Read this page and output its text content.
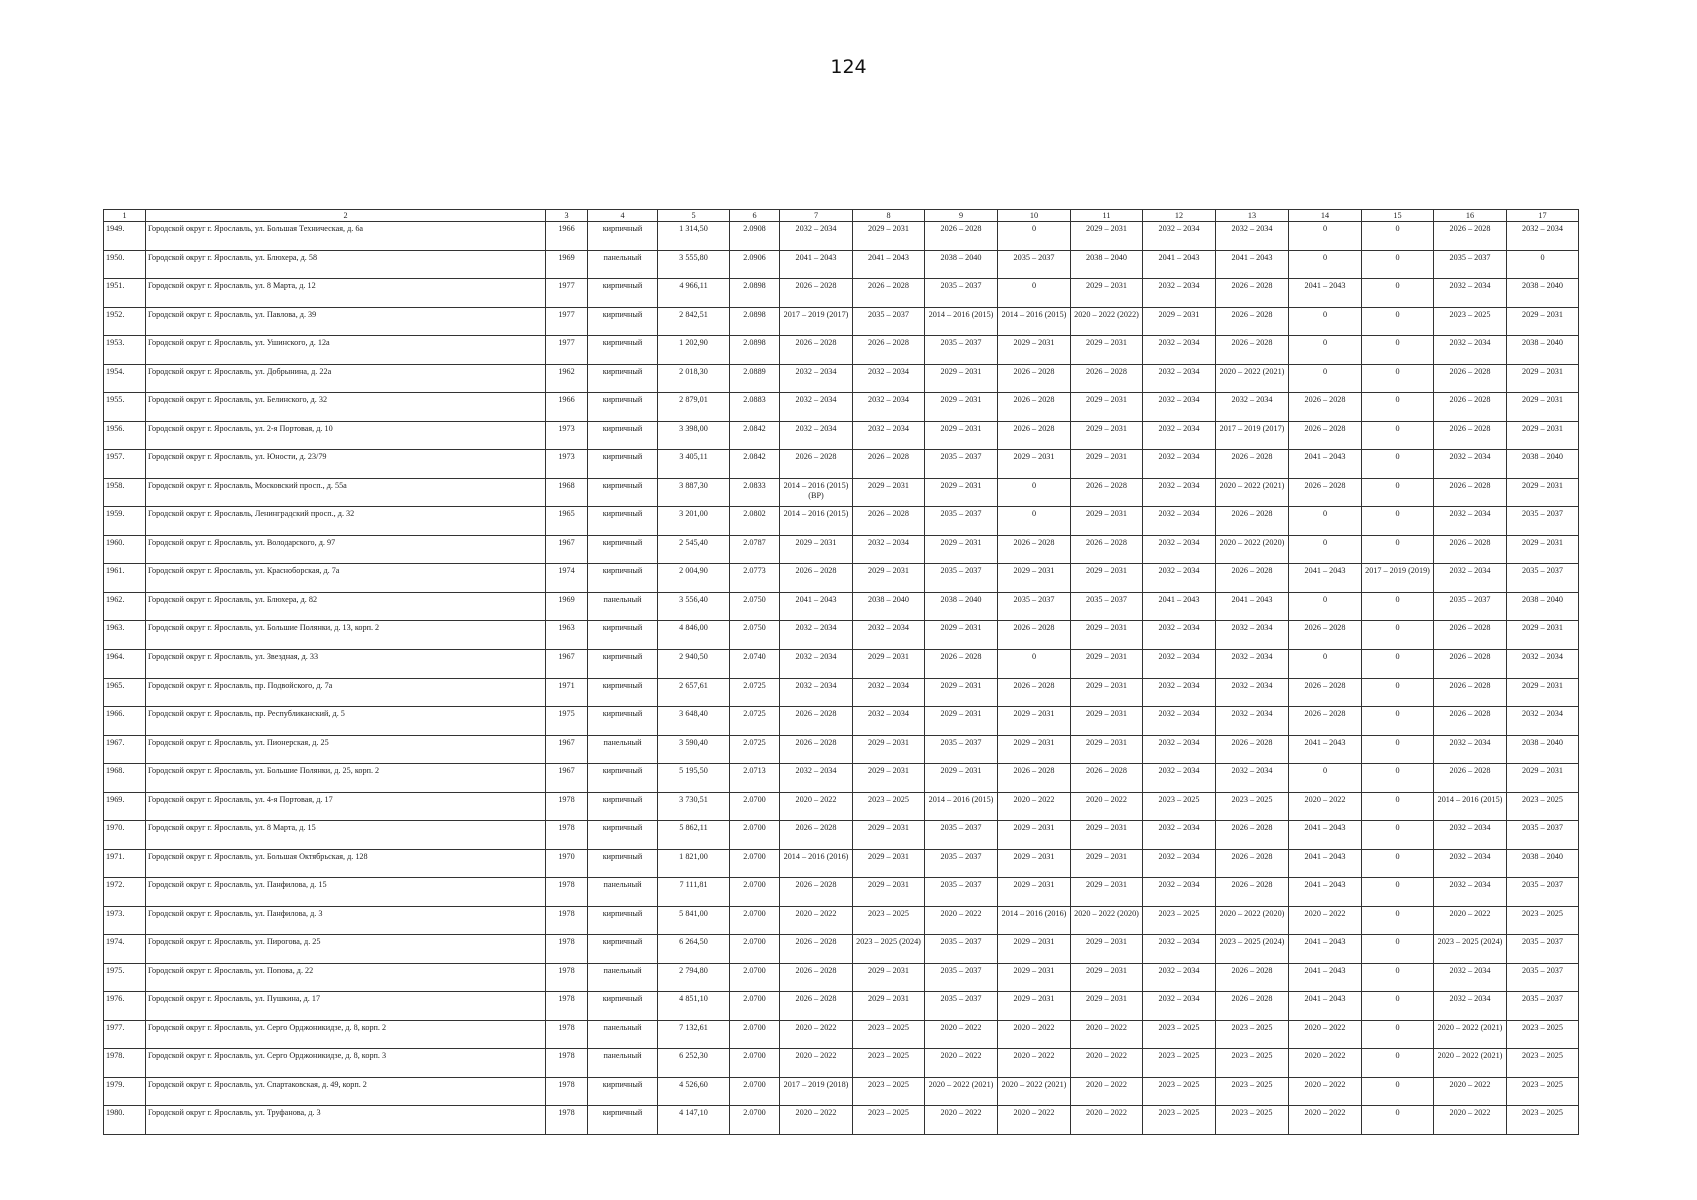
124
1	2	3	4	5	6	7	8	9	10	11	12	13	14	15	16	17
1949.	Городской округ г. Ярославль, ул. Большая Техническая, д. 6а	1966	кирпичный	1 314,50	2.0908	2032 – 2034	2029 – 2031	2026 – 2028	0	2029 – 2031	2032 – 2034	2032 – 2034	0	0	2026 – 2028	2032 – 2034
1950.	Городской округ г. Ярославль, ул. Блюхера, д. 58	1969	панельный	3 555,80	2.0906	2041 – 2043	2041 – 2043	2038 – 2040	2035 – 2037	2038 – 2040	2041 – 2043	2041 – 2043	0	0	2035 – 2037	0
1951.	Городской округ г. Ярославль, ул. 8 Марта, д. 12	1977	кирпичный	4 966,11	2.0898	2026 – 2028	2026 – 2028	2035 – 2037	0	2029 – 2031	2032 – 2034	2026 – 2028	2041 – 2043	0	2032 – 2034	2038 – 2040
1952.	Городской округ г. Ярославль, ул. Павлова, д. 39	1977	кирпичный	2 842,51	2.0898	2017 – 2019 (2017)	2035 – 2037	2014 – 2016 (2015)	2014 – 2016 (2015)	2020 – 2022 (2022)	2029 – 2031	2026 – 2028	0	0	2023 – 2025	2029 – 2031
1953.	Городской округ г. Ярославль, ул. Ушинского, д. 12а	1977	кирпичный	1 202,90	2.0898	2026 – 2028	2026 – 2028	2035 – 2037	2029 – 2031	2029 – 2031	2032 – 2034	2026 – 2028	0	0	2032 – 2034	2038 – 2040
1954.	Городской округ г. Ярославль, ул. Добрынина, д. 22а	1962	кирпичный	2 018,30	2.0889	2032 – 2034	2032 – 2034	2029 – 2031	2026 – 2028	2026 – 2028	2032 – 2034	2020 – 2022 (2021)	0	0	2026 – 2028	2029 – 2031
1955.	Городской округ г. Ярославль, ул. Белинского, д. 32	1966	кирпичный	2 879,01	2.0883	2032 – 2034	2032 – 2034	2029 – 2031	2026 – 2028	2029 – 2031	2032 – 2034	2032 – 2034	2026 – 2028	0	2026 – 2028	2029 – 2031
1956.	Городской округ г. Ярославль, ул. 2-я Портовая, д. 10	1973	кирпичный	3 398,00	2.0842	2032 – 2034	2032 – 2034	2029 – 2031	2026 – 2028	2029 – 2031	2032 – 2034	2017 – 2019 (2017)	2026 – 2028	0	2026 – 2028	2029 – 2031
1957.	Городской округ г. Ярославль, ул. Юности, д. 23/79	1973	кирпичный	3 405,11	2.0842	2026 – 2028	2026 – 2028	2035 – 2037	2029 – 2031	2029 – 2031	2032 – 2034	2026 – 2028	2041 – 2043	0	2032 – 2034	2038 – 2040
1958.	Городской округ г. Ярославль, Московский просп., д. 55а	1968	кирпичный	3 887,30	2.0833	2014 – 2016 (2015) (ВР)	2029 – 2031	2029 – 2031	0	2026 – 2028	2032 – 2034	2020 – 2022 (2021)	2026 – 2028	0	2026 – 2028	2029 – 2031
1959.	Городской округ г. Ярославль, Ленинградский просп., д. 32	1965	кирпичный	3 201,00	2.0802	2014 – 2016 (2015)	2026 – 2028	2035 – 2037	0	2029 – 2031	2032 – 2034	2026 – 2028	0	0	2032 – 2034	2035 – 2037
1960.	Городской округ г. Ярославль, ул. Володарского, д. 97	1967	кирпичный	2 545,40	2.0787	2029 – 2031	2032 – 2034	2029 – 2031	2026 – 2028	2026 – 2028	2032 – 2034	2020 – 2022 (2020)	0	0	2026 – 2028	2029 – 2031
1961.	Городской округ г. Ярославль, ул. Красноборская, д. 7а	1974	кирпичный	2 004,90	2.0773	2026 – 2028	2029 – 2031	2035 – 2037	2029 – 2031	2029 – 2031	2032 – 2034	2026 – 2028	2041 – 2043	2017 – 2019 (2019)	2032 – 2034	2035 – 2037
1962.	Городской округ г. Ярославль, ул. Блюхера, д. 82	1969	панельный	3 556,40	2.0750	2041 – 2043	2038 – 2040	2038 – 2040	2035 – 2037	2035 – 2037	2041 – 2043	2041 – 2043	0	0	2035 – 2037	2038 – 2040
1963.	Городской округ г. Ярославль, ул. Большие Полянки, д. 13, корп. 2	1963	кирпичный	4 846,00	2.0750	2032 – 2034	2032 – 2034	2029 – 2031	2026 – 2028	2029 – 2031	2032 – 2034	2032 – 2034	2026 – 2028	0	2026 – 2028	2029 – 2031
1964.	Городской округ г. Ярославль, ул. Звездная, д. 33	1967	кирпичный	2 940,50	2.0740	2032 – 2034	2029 – 2031	2026 – 2028	0	2029 – 2031	2032 – 2034	2032 – 2034	0	0	2026 – 2028	2032 – 2034
1965.	Городской округ г. Ярославль, пр. Подвойского, д. 7а	1971	кирпичный	2 657,61	2.0725	2032 – 2034	2032 – 2034	2029 – 2031	2026 – 2028	2029 – 2031	2032 – 2034	2032 – 2034	2026 – 2028	0	2026 – 2028	2029 – 2031
1966.	Городской округ г. Ярославль, пр. Республиканский, д. 5	1975	кирпичный	3 648,40	2.0725	2026 – 2028	2032 – 2034	2029 – 2031	2029 – 2031	2029 – 2031	2032 – 2034	2032 – 2034	2026 – 2028	0	2026 – 2028	2032 – 2034
1967.	Городской округ г. Ярославль, ул. Пионерская, д. 25	1967	панельный	3 590,40	2.0725	2026 – 2028	2029 – 2031	2035 – 2037	2029 – 2031	2029 – 2031	2032 – 2034	2026 – 2028	2041 – 2043	0	2032 – 2034	2038 – 2040
1968.	Городской округ г. Ярославль, ул. Большие Полянки, д. 25, корп. 2	1967	кирпичный	5 195,50	2.0713	2032 – 2034	2029 – 2031	2029 – 2031	2026 – 2028	2026 – 2028	2032 – 2034	2032 – 2034	0	0	2026 – 2028	2029 – 2031
1969.	Городской округ г. Ярославль, ул. 4-я Портовая, д. 17	1978	кирпичный	3 730,51	2.0700	2020 – 2022	2023 – 2025	2014 – 2016 (2015)	2020 – 2022	2020 – 2022	2023 – 2025	2023 – 2025	2020 – 2022	0	2014 – 2016 (2015)	2023 – 2025
1970.	Городской округ г. Ярославль, ул. 8 Марта, д. 15	1978	кирпичный	5 862,11	2.0700	2026 – 2028	2029 – 2031	2035 – 2037	2029 – 2031	2029 – 2031	2032 – 2034	2026 – 2028	2041 – 2043	0	2032 – 2034	2035 – 2037
1971.	Городской округ г. Ярославль, ул. Большая Октябрьская, д. 128	1970	кирпичный	1 821,00	2.0700	2014 – 2016 (2016)	2029 – 2031	2035 – 2037	2029 – 2031	2029 – 2031	2032 – 2034	2026 – 2028	2041 – 2043	0	2032 – 2034	2038 – 2040
1972.	Городской округ г. Ярославль, ул. Панфилова, д. 15	1978	панельный	7 111,81	2.0700	2026 – 2028	2029 – 2031	2035 – 2037	2029 – 2031	2029 – 2031	2032 – 2034	2026 – 2028	2041 – 2043	0	2032 – 2034	2035 – 2037
1973.	Городской округ г. Ярославль, ул. Панфилова, д. 3	1978	кирпичный	5 841,00	2.0700	2020 – 2022	2023 – 2025	2020 – 2022	2014 – 2016 (2016)	2020 – 2022 (2020)	2023 – 2025	2020 – 2022 (2020)	2020 – 2022	0	2020 – 2022	2023 – 2025
1974.	Городской округ г. Ярославль, ул. Пирогова, д. 25	1978	кирпичный	6 264,50	2.0700	2026 – 2028	2023 – 2025 (2024)	2035 – 2037	2029 – 2031	2029 – 2031	2032 – 2034	2023 – 2025 (2024)	2041 – 2043	0	2023 – 2025 (2024)	2035 – 2037
1975.	Городской округ г. Ярославль, ул. Попова, д. 22	1978	панельный	2 794,80	2.0700	2026 – 2028	2029 – 2031	2035 – 2037	2029 – 2031	2029 – 2031	2032 – 2034	2026 – 2028	2041 – 2043	0	2032 – 2034	2035 – 2037
1976.	Городской округ г. Ярославль, ул. Пушкина, д. 17	1978	кирпичный	4 851,10	2.0700	2026 – 2028	2029 – 2031	2035 – 2037	2029 – 2031	2029 – 2031	2032 – 2034	2026 – 2028	2041 – 2043	0	2032 – 2034	2035 – 2037
1977.	Городской округ г. Ярославль, ул. Серго Орджоникидзе, д. 8, корп. 2	1978	панельный	7 132,61	2.0700	2020 – 2022	2023 – 2025	2020 – 2022	2020 – 2022	2020 – 2022	2023 – 2025	2023 – 2025	2020 – 2022	0	2020 – 2022 (2021)	2023 – 2025
1978.	Городской округ г. Ярославль, ул. Серго Орджоникидзе, д. 8, корп. 3	1978	панельный	6 252,30	2.0700	2020 – 2022	2023 – 2025	2020 – 2022	2020 – 2022	2020 – 2022	2023 – 2025	2023 – 2025	2020 – 2022	0	2020 – 2022 (2021)	2023 – 2025
1979.	Городской округ г. Ярославль, ул. Спартаковская, д. 49, корп. 2	1978	кирпичный	4 526,60	2.0700	2017 – 2019 (2018)	2023 – 2025	2020 – 2022 (2021)	2020 – 2022 (2021)	2020 – 2022	2023 – 2025	2023 – 2025	2020 – 2022	0	2020 – 2022	2023 – 2025
1980.	Городской округ г. Ярославль, ул. Труфанова, д. 3	1978	кирпичный	4 147,10	2.0700	2020 – 2022	2023 – 2025	2020 – 2022	2020 – 2022	2020 – 2022	2023 – 2025	2023 – 2025	2020 – 2022	0	2020 – 2022	2023 – 2025
